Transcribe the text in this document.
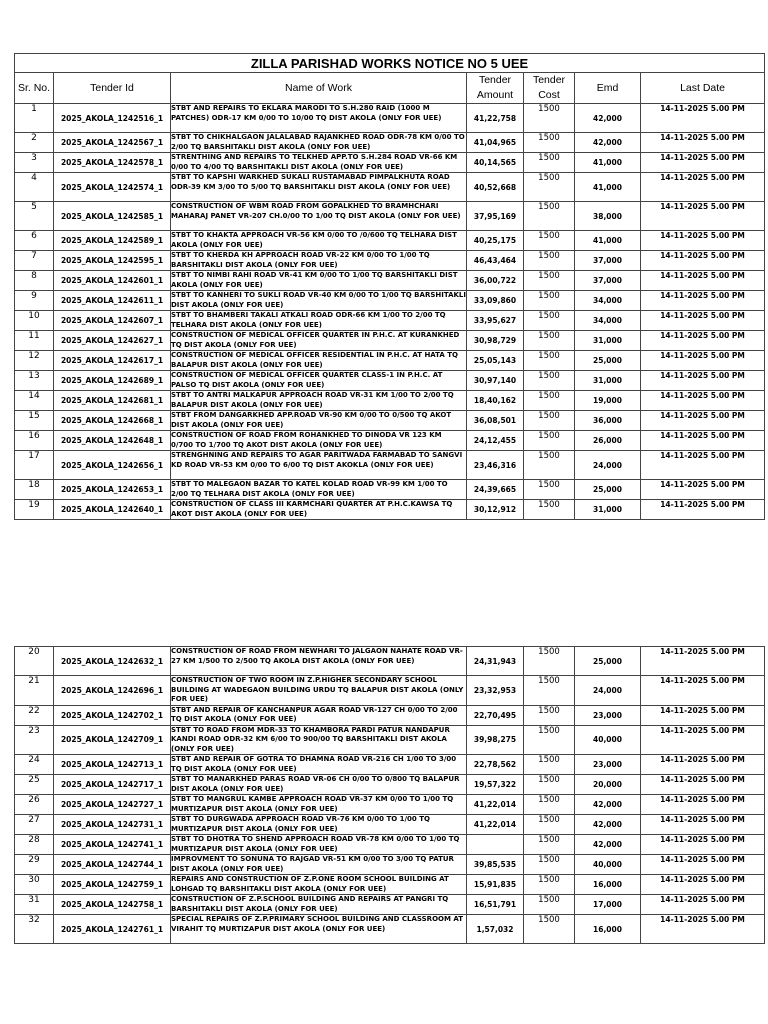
ZILLA PARISHAD WORKS NOTICE NO 5 UEE						
Sr. No.	Tender Id	Name of Work	Tender Amount	Tender Cost	Emd	Last Date
1	2025_AKOLA_1242516_1	STBT AND REPAIRS TO EKLARA MARODI TO S.H.280 RAID (1000 M PATCHES) ODR-17 KM 0/00 TO 10/00 TQ DIST AKOLA (ONLY FOR UEE)	41,22,758	1500	42,000	14-11-2025 5.00 PM
2	2025_AKOLA_1242567_1	STBT TO CHIKHALGAON JALALABAD RAJANKHED ROAD ODR-78 KM 0/00 TO 2/00 TQ BARSHITAKLI DIST AKOLA (ONLY FOR UEE)	41,04,965	1500	42,000	14-11-2025 5.00 PM
3	2025_AKOLA_1242578_1	STRENTHING AND REPAIRS TO TELKHED APP.TO S.H.284 ROAD VR-66 KM 0/00 TO 4/00 TQ BARSHITAKLI DIST AKOLA (ONLY FOR UEE)	40,14,565	1500	41,000	14-11-2025 5.00 PM
4	2025_AKOLA_1242574_1	STBT TO KAPSHI WARKHED SUKALI RUSTAMABAD PIMPALKHUTA ROAD ODR-39 KM 3/00 TO 5/00 TQ BARSHITAKLI DIST AKOLA (ONLY FOR UEE)	40,52,668	1500	41,000	14-11-2025 5.00 PM
5	2025_AKOLA_1242585_1	CONSTRUCTION OF WBM ROAD FROM GOPALKHED TO BRAMHCHARI MAHARAJ PANET VR-207 CH.0/00 TO 1/00 TQ DIST AKOLA (ONLY FOR UEE)	37,95,169	1500	38,000	14-11-2025 5.00 PM
6	2025_AKOLA_1242589_1	STBT TO KHAKTA APPROACH VR-56 KM 0/00 TO /0/600 TQ TELHARA DIST AKOLA (ONLY FOR UEE)	40,25,175	1500	41,000	14-11-2025 5.00 PM
7	2025_AKOLA_1242595_1	STBT TO KHERDA KH APPROACH ROAD VR-22 KM 0/00 TO 1/00 TQ BARSHITAKLI DIST AKOLA (ONLY FOR UEE)	46,43,464	1500	37,000	14-11-2025 5.00 PM
8	2025_AKOLA_1242601_1	STBT TO NIMBI RAHI ROAD VR-41 KM 0/00 TO 1/00 TQ BARSHITAKLI DIST AKOLA (ONLY FOR UEE)	36,00,722	1500	37,000	14-11-2025 5.00 PM
9	2025_AKOLA_1242611_1	STBT TO KANHERI TO SUKLI ROAD VR-40 KM 0/00 TO 1/00 TQ BARSHITAKLI DIST AKOLA (ONLY FOR UEE)	33,09,860	1500	34,000	14-11-2025 5.00 PM
10	2025_AKOLA_1242607_1	STBT TO BHAMBERI TAKALI ATKALI ROAD ODR-66 KM 1/00 TO 2/00 TQ TELHARA DIST AKOLA (ONLY FOR UEE)	33,95,627	1500	34,000	14-11-2025 5.00 PM
11	2025_AKOLA_1242627_1	CONSTRUCTION OF MEDICAL OFFICER QUARTER IN P.H.C. AT KURANKHED TQ DIST AKOLA (ONLY FOR UEE)	30,98,729	1500	31,000	14-11-2025 5.00 PM
12	2025_AKOLA_1242617_1	CONSTRUCTION OF MEDICAL OFFICER RESIDENTIAL IN P.H.C. AT HATA TQ BALAPUR DIST AKOLA (ONLY FOR UEE)	25,05,143	1500	25,000	14-11-2025 5.00 PM
13	2025_AKOLA_1242689_1	CONSTRUCTION OF MEDICAL OFFICER QUARTER CLASS-1 IN P.H.C. AT PALSO TQ DIST AKOLA (ONLY FOR UEE)	30,97,140	1500	31,000	14-11-2025 5.00 PM
14	2025_AKOLA_1242681_1	STBT TO ANTRI MALKAPUR APPROACH ROAD VR-31 KM 1/00 TO 2/00 TQ BALAPUR DIST AKOLA (ONLY FOR UEE)	18,40,162	1500	19,000	14-11-2025 5.00 PM
15	2025_AKOLA_1242668_1	STBT FROM DANGARKHED APP.ROAD VR-90 KM 0/00 TO 0/500 TQ AKOT DIST AKOLA (ONLY FOR UEE)	36,08,501	1500	36,000	14-11-2025 5.00 PM
16	2025_AKOLA_1242648_1	CONSTRUCTION OF ROAD FROM ROHANKHED TO DINODA VR 123 KM 0/700 TO 1/700 TQ AKOT DIST AKOLA (ONLY FOR UEE)	24,12,455	1500	26,000	14-11-2025 5.00 PM
17	2025_AKOLA_1242656_1	STRENGHNING AND REPAIRS TO AGAR PARITWADA FARMABAD TO SANGVI KD ROAD VR-53 KM 0/00 TO 6/00 TQ DIST AKOKLA (ONLY FOR UEE)	23,46,316	1500	24,000	14-11-2025 5.00 PM
18	2025_AKOLA_1242653_1	STBT TO MALEGAON BAZAR TO KATEL KOLAD ROAD VR-99 KM 1/00 TO 2/00 TQ TELHARA DIST AKOLA (ONLY FOR UEE)	24,39,665	1500	25,000	14-11-2025 5.00 PM
19	2025_AKOLA_1242640_1	CONSTRUCTION OF CLASS III KARMCHARI QUARTER AT P.H.C.KAWSA TQ AKOT DIST AKOLA (ONLY FOR UEE)	30,12,912	1500	31,000	14-11-2025 5.00 PM
20	2025_AKOLA_1242632_1	CONSTRUCTION OF ROAD FROM NEWHARI TO JALGAON NAHATE ROAD VR-27 KM 1/500 TO 2/500 TQ AKOLA DIST AKOLA (ONLY FOR UEE)	24,31,943	1500	25,000	14-11-2025 5.00 PM
21	2025_AKOLA_1242696_1	CONSTRUCTION OF TWO ROOM IN Z.P.HIGHER SECONDARY SCHOOL BUILDING AT WADEGAON BUILDING URDU TQ BALAPUR DIST AKOLA (ONLY FOR UEE)	23,32,953	1500	24,000	14-11-2025 5.00 PM
22	2025_AKOLA_1242702_1	STBT AND REPAIR OF KANCHANPUR AGAR ROAD VR-127 CH 0/00 TO 2/00 TQ DIST AKOLA (ONLY FOR UEE)	22,70,495	1500	23,000	14-11-2025 5.00 PM
23	2025_AKOLA_1242709_1	STBT TO ROAD FROM MDR-33 TO KHAMBORA PARDI PATUR NANDAPUR KANDI ROAD ODR-32 KM 6/00 TO 900/00 TQ BARSHITAKLI DIST AKOLA (ONLY FOR UEE)	39,98,275	1500	40,000	14-11-2025 5.00 PM
24	2025_AKOLA_1242713_1	STBT AND REPAIR OF GOTRA TO DHAMNA ROAD VR-216 CH 1/00 TO 3/00 TQ DIST AKOLA (ONLY FOR UEE)	22,78,562	1500	23,000	14-11-2025 5.00 PM
25	2025_AKOLA_1242717_1	STBT TO MANARKHED PARAS ROAD VR-06 CH 0/00 TO 0/800 TQ BALAPUR DIST AKOLA (ONLY FOR UEE)	19,57,322	1500	20,000	14-11-2025 5.00 PM
26	2025_AKOLA_1242727_1	STBT TO MANGRUL KAMBE APPROACH ROAD VR-37 KM 0/00 TO 1/00 TQ MURTIZAPUR DIST AKOLA (ONLY FOR UEE)	41,22,014	1500	42,000	14-11-2025 5.00 PM
27	2025_AKOLA_1242731_1	STBT TO DURGWADA APPROACH ROAD VR-76 KM 0/00 TO 1/00 TQ MURTIZAPUR DIST AKOLA (ONLY FOR UEE)	41,22,014	1500	42,000	14-11-2025 5.00 PM
28	2025_AKOLA_1242741_1	STBT TO DHOTRA TO SHEND APPROACH ROAD VR-78 KM 0/00 TO 1/00 TQ MURTIZAPUR DIST AKOLA (ONLY FOR UEE)		1500	42,000	14-11-2025 5.00 PM
29	2025_AKOLA_1242744_1	IMPROVMENT TO SONUNA TO RAJGAD VR-51 KM 0/00 TO 3/00 TQ PATUR DIST AKOLA (ONLY FOR UEE)	39,85,535	1500	40,000	14-11-2025 5.00 PM
30	2025_AKOLA_1242759_1	REPAIRS AND CONSTRUCTION OF Z.P.ONE ROOM SCHOOL BUILDING AT LOHGAD TQ BARSHITAKLI DIST AKOLA (ONLY FOR UEE)	15,91,835	1500	16,000	14-11-2025 5.00 PM
31	2025_AKOLA_1242758_1	CONSTRUCTION OF Z.P.SCHOOL BUILDING AND REPAIRS AT PANGRI TQ BARSHITAKLI DIST AKOLA (ONLY FOR UEE)	16,51,791	1500	17,000	14-11-2025 5.00 PM
32	2025_AKOLA_1242761_1	SPECIAL REPAIRS OF Z.P.PRIMARY SCHOOL BUILDING AND CLASSROOM AT VIRAHIT TQ MURTIZAPUR DIST AKOLA (ONLY FOR UEE)	1,57,032	1500	16,000	14-11-2025 5.00 PM
